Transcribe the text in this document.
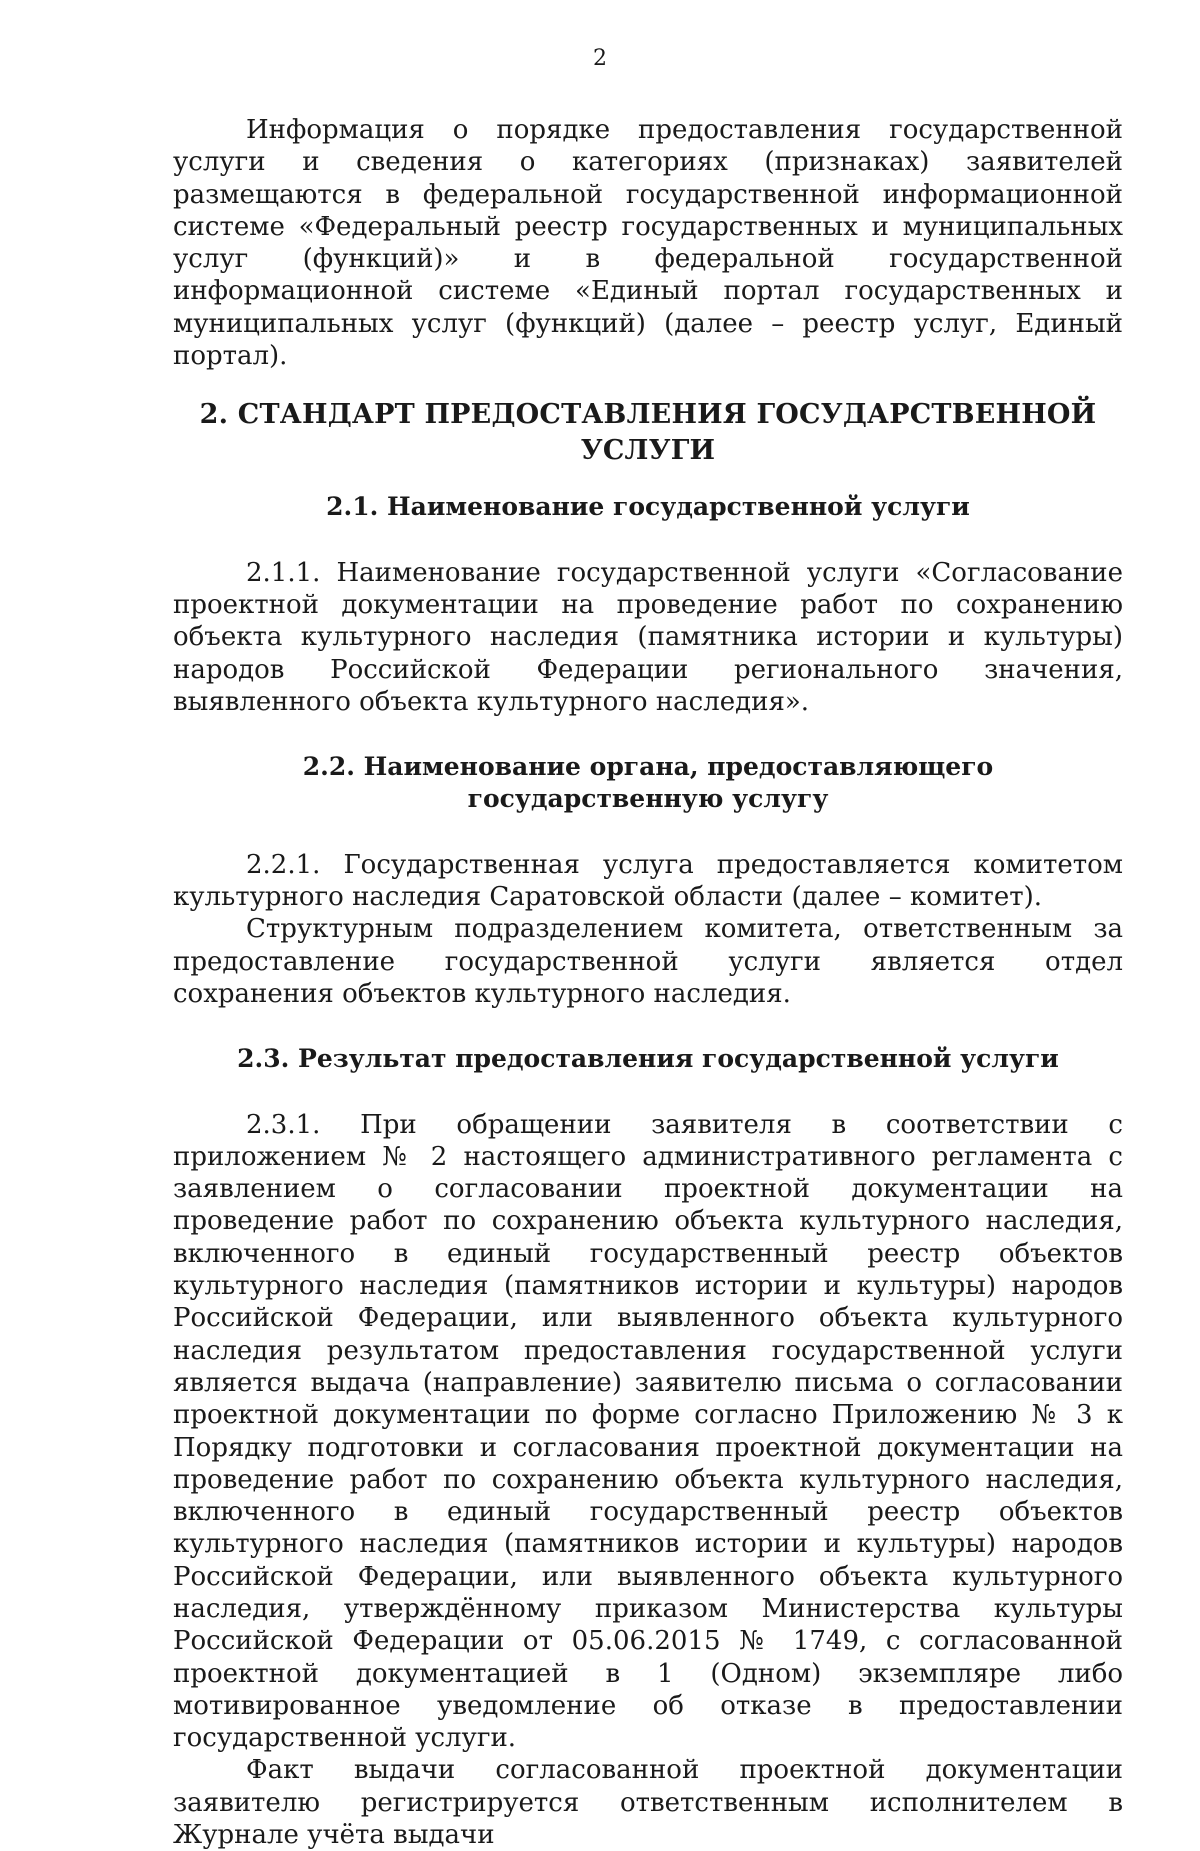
2

Информация о порядке предоставления государственной услуги и сведения о категориях (признаках) заявителей размещаются в федеральной государственной информационной системе «Федеральный реестр государственных и муниципальных услуг (функций)» и в федеральной государственной информационной системе «Единый портал государственных и муниципальных услуг (функций) (далее – реестр услуг, Единый портал).

2. СТАНДАРТ ПРЕДОСТАВЛЕНИЯ ГОСУДАРСТВЕННОЙ УСЛУГИ
2.1. Наименование государственной услуги

2.1.1. Наименование государственной услуги «Согласование проектной документации на проведение работ по сохранению объекта культурного наследия (памятника истории и культуры) народов Российской Федерации регионального значения, выявленного объекта культурного наследия».

2.2. Наименование органа, предоставляющего
государственную услугу

2.2.1. Государственная услуга предоставляется комитетом культурного наследия Саратовской области (далее – комитет).

Структурным подразделением комитета, ответственным за предоставление государственной услуги является отдел сохранения объектов культурного наследия.

2.3. Результат предоставления государственной услуги

2.3.1. При обращении заявителя в соответствии с приложением № 2 настоящего административного регламента с заявлением о согласовании проектной документации на проведение работ по сохранению объекта культурного наследия, включенного в единый государственный реестр объектов культурного наследия (памятников истории и культуры) народов Российской Федерации, или выявленного объекта культурного наследия результатом предоставления государственной услуги является выдача (направление) заявителю письма о согласовании проектной документации по форме согласно Приложению № 3 к Порядку подготовки и согласования проектной документации на проведение работ по сохранению объекта культурного наследия, включенного в единый государственный реестр объектов культурного наследия (памятников истории и культуры) народов Российской Федерации, или выявленного объекта культурного наследия, утверждённому приказом Министерства культуры Российской Федерации от 05.06.2015 № 1749, с согласованной проектной документацией в 1 (Одном) экземпляре либо мотивированное уведомление об отказе в предоставлении государственной услуги.

Факт выдачи согласованной проектной документации заявителю регистрируется ответственным исполнителем в Журнале учёта выдачи
